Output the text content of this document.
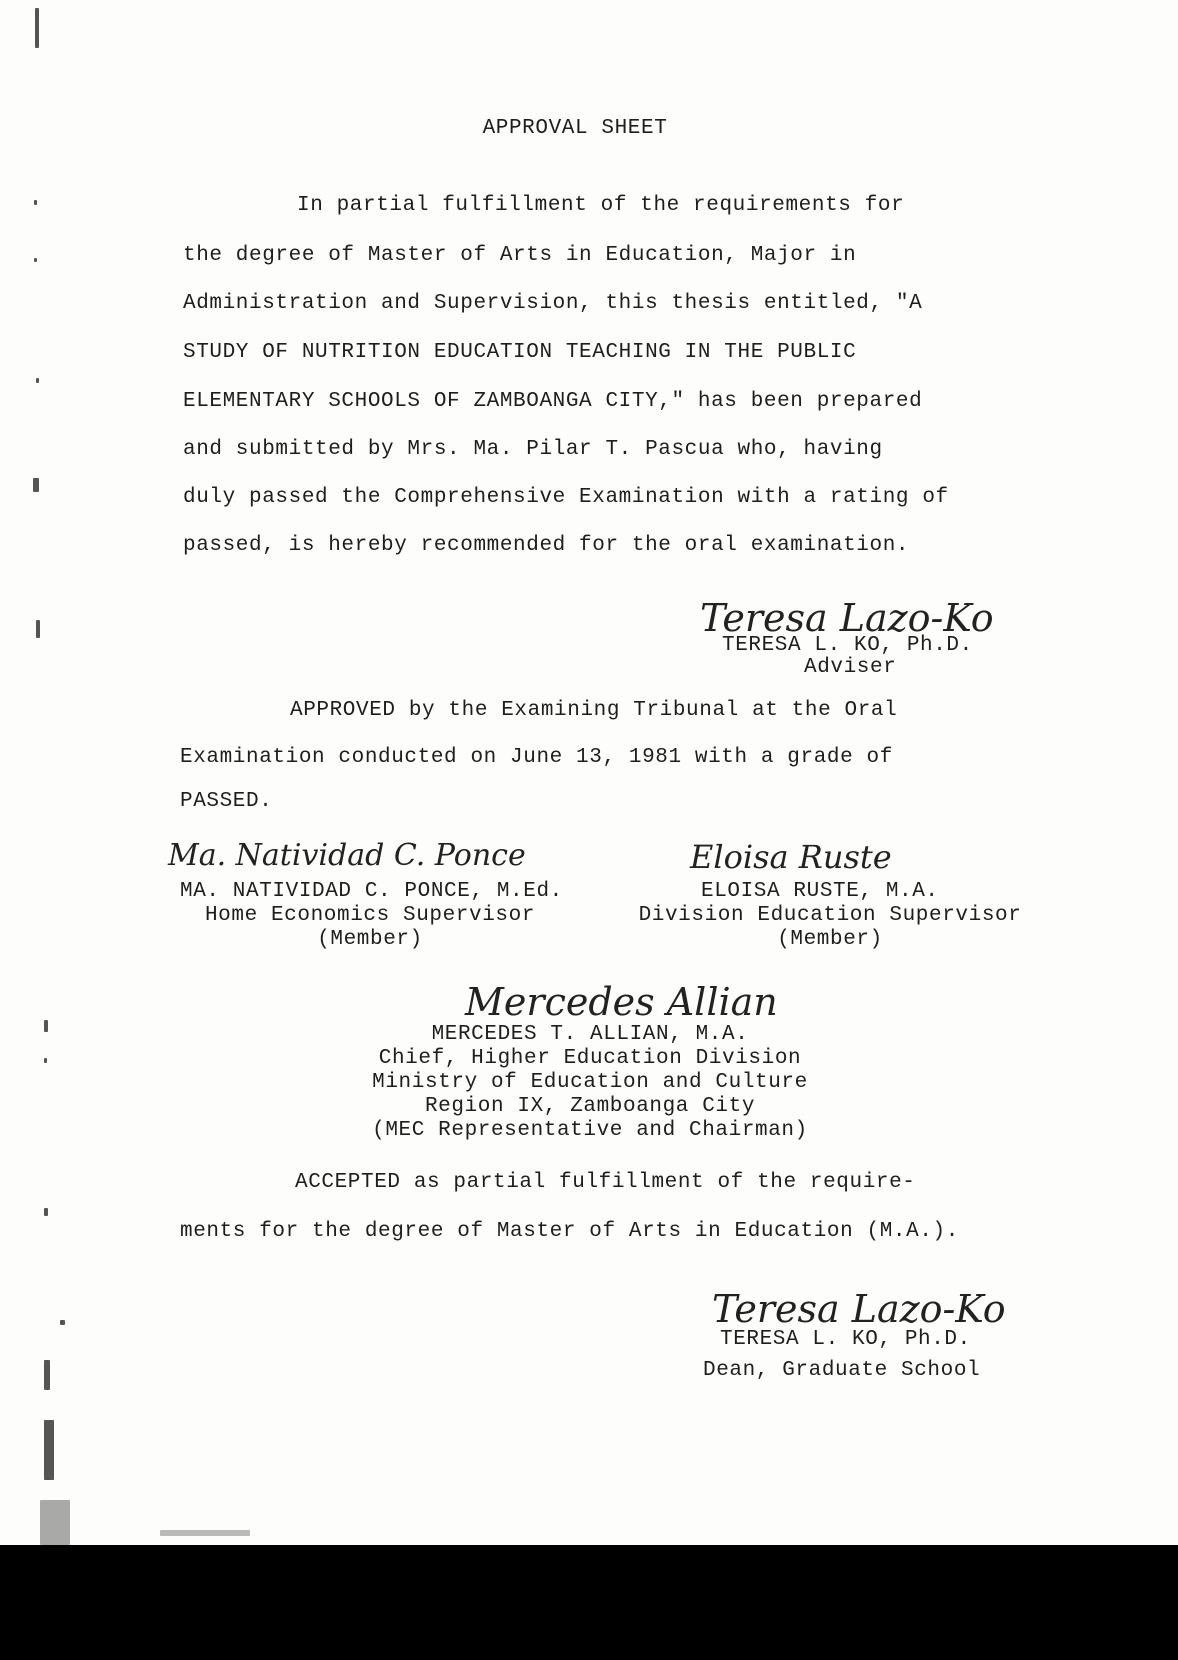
APPROVAL SHEET
In partial fulfillment of the requirements for
the degree of Master of Arts in Education, Major in
Administration and Supervision, this thesis entitled, "A
STUDY OF NUTRITION EDUCATION TEACHING IN THE PUBLIC
ELEMENTARY SCHOOLS OF ZAMBOANGA CITY," has been prepared
and submitted by Mrs. Ma. Pilar T. Pascua who, having
duly passed the Comprehensive Examination with a rating of
passed, is hereby recommended for the oral examination.
Teresa Lazo-Ko
TERESA L. KO, Ph.D.
Adviser
APPROVED by the Examining Tribunal at the Oral
Examination conducted on June 13, 1981 with a grade of
PASSED.
Ma. Natividad C. Ponce
MA. NATIVIDAD C. PONCE, M.Ed.
Home Economics Supervisor
(Member)
Eloisa Ruste
ELOISA RUSTE, M.A.
Division Education Supervisor
(Member)
Mercedes Allian
MERCEDES T. ALLIAN, M.A.
Chief, Higher Education Division
Ministry of Education and Culture
Region IX, Zamboanga City
(MEC Representative and Chairman)
ACCEPTED as partial fulfillment of the require-
ments for the degree of Master of Arts in Education (M.A.).
Teresa Lazo-Ko
TERESA L. KO, Ph.D.
Dean, Graduate School
